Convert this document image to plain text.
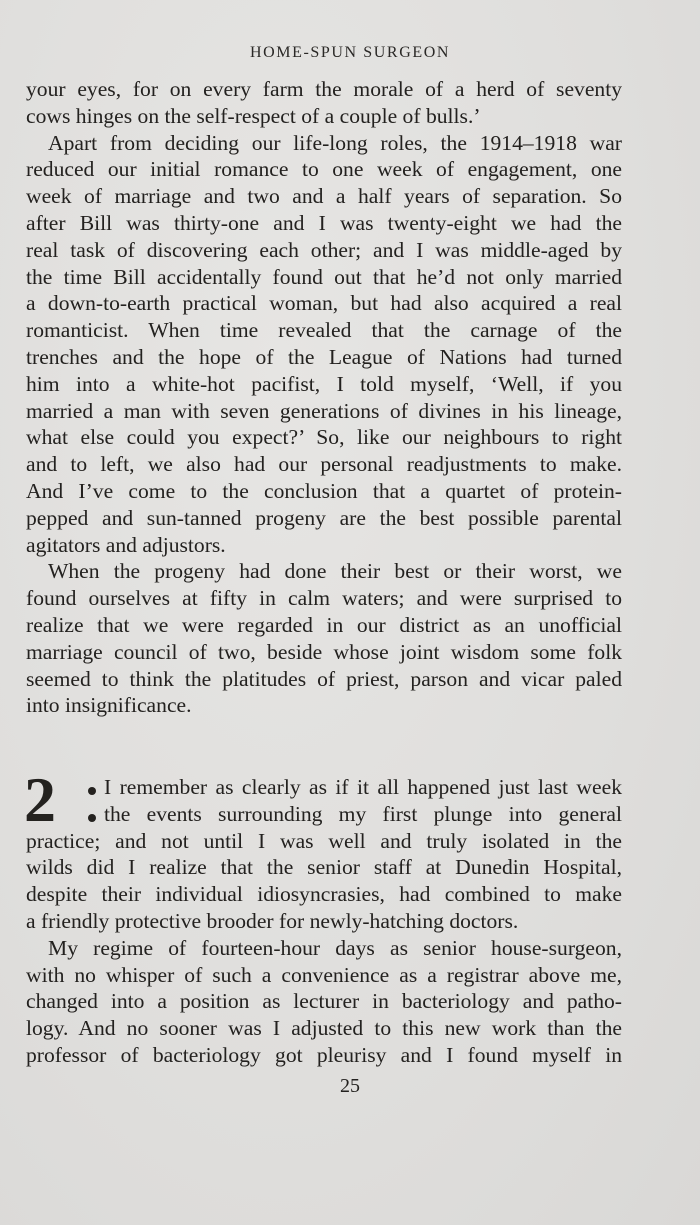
HOME-SPUN SURGEON
your eyes, for on every farm the morale of a herd of seventy
cows hinges on the self-respect of a couple of bulls.’
Apart from deciding our life-long roles, the 1914–1918 war
reduced our initial romance to one week of engagement, one
week of marriage and two and a half years of separation. So
after Bill was thirty-one and I was twenty-eight we had the
real task of discovering each other; and I was middle-aged by
the time Bill accidentally found out that he’d not only married
a down-to-earth practical woman, but had also acquired a real
romanticist. When time revealed that the carnage of the
trenches and the hope of the League of Nations had turned
him into a white-hot pacifist, I told myself, ‘Well, if you
married a man with seven generations of divines in his lineage,
what else could you expect?’ So, like our neighbours to right
and to left, we also had our personal readjustments to make.
And I’ve come to the conclusion that a quartet of protein-
pepped and sun-tanned progeny are the best possible parental
agitators and adjustors.
When the progeny had done their best or their worst, we
found ourselves at fifty in calm waters; and were surprised to
realize that we were regarded in our district as an unofficial
marriage council of two, beside whose joint wisdom some folk
seemed to think the platitudes of priest, parson and vicar paled
into insignificance.
2	I remember as clearly as if it all happened just last week
the events surrounding my first plunge into general
practice; and not until I was well and truly isolated in the
wilds did I realize that the senior staff at Dunedin Hospital,
despite their individual idiosyncrasies, had combined to make
a friendly protective brooder for newly-hatching doctors.
My regime of fourteen-hour days as senior house-surgeon,
with no whisper of such a convenience as a registrar above me,
changed into a position as lecturer in bacteriology and patho-
logy. And no sooner was I adjusted to this new work than the
professor of bacteriology got pleurisy and I found myself in
25
